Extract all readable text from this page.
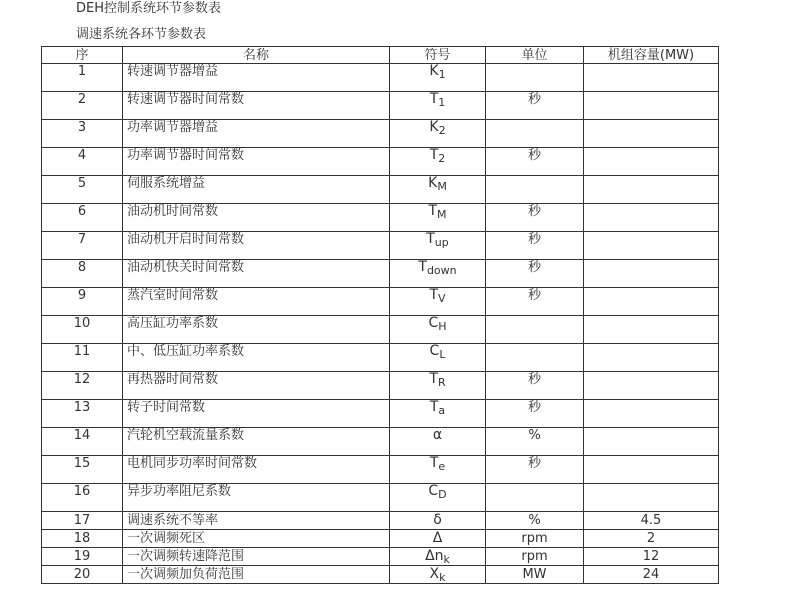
DEH控制系统环节参数表
调速系统各环节参数表
序	名称	符号	单位	机组容量(MW)
1	转速调节器增益	$K_1$		
2	转速调节器时间常数	$T_1$	秒	
3	功率调节器增益	$K_2$		
4	功率调节器时间常数	$T_2$	秒	
5	伺服系统增益	$K_M$		
6	油动机时间常数	$T_M$	秒	
7	油动机开启时间常数	$T_{up}$	秒	
8	油动机快关时间常数	$T_{down}$	秒	
9	蒸汽室时间常数	$T_V$	秒	
10	高压缸功率系数	$C_H$		
11	中、低压缸功率系数	$C_L$		
12	再热器时间常数	$T_R$	秒	
13	转子时间常数	$T_a$	秒	
14	汽轮机空载流量系数	α	%	
15	电机同步功率时间常数	$T_e$	秒	
16	异步功率阻尼系数	$C_D$		
17	调速系统不等率	δ	%	4.5
18	一次调频死区	Δ	rpm	2
19	一次调频转速降范围	$\Delta n_k$	rpm	12
20	一次调频加负荷范围	$X_k$	MW	24
